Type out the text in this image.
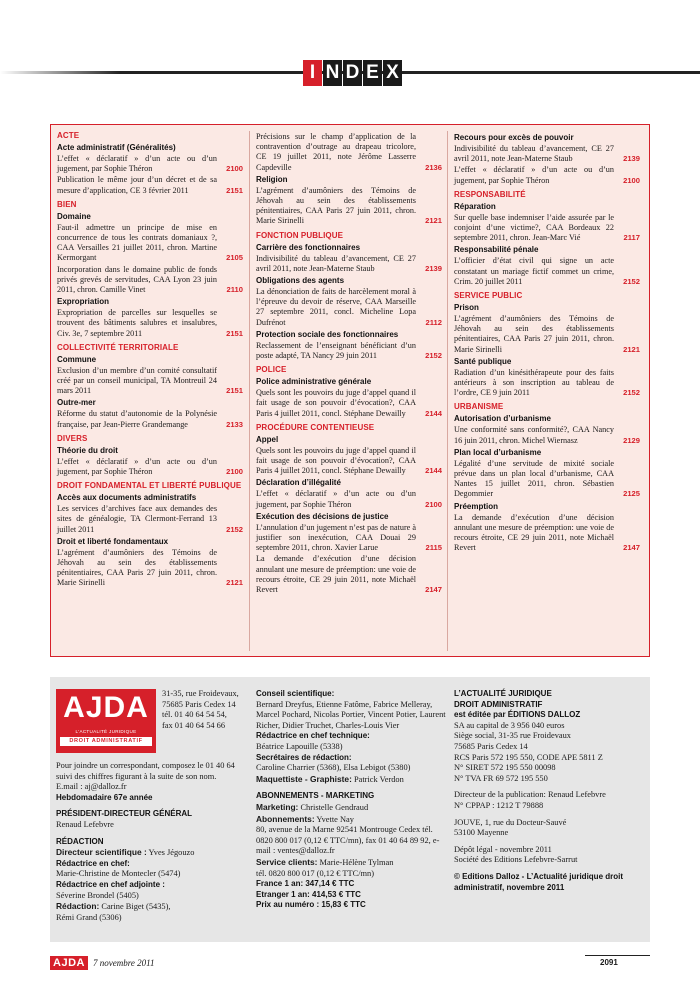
I N D E X
ACTE
Acte administratif (Généralités)
L’effet « déclaratif » d’un acte ou d’un jugement, par Sophie Théron	2100
Publication le même jour d’un décret et de sa mesure d’application, CE 3 février 2011	2151
BIEN
Domaine
Faut-il admettre un principe de mise en concurrence de tous les contrats domaniaux ?, CAA Versailles 21 juillet 2011, chron. Martine Kermorgant	2105
Incorporation dans le domaine public de fonds privés grevés de servitudes, CAA Lyon 23 juin 2011, chron. Camille Vinet	2110
Expropriation
Expropriation de parcelles sur lesquelles se trouvent des bâtiments salubres et insalubres, Civ. 3e, 7 septembre 2011	2151
COLLECTIVITÉ TERRITORIALE
Commune
Exclusion d’un membre d’un comité consultatif créé par un conseil municipal, TA Montreuil 24 mars 2011	2151
Outre-mer
Réforme du statut d’autonomie de la Polynésie française, par Jean-Pierre Grandemange	2133
DIVERS
Théorie du droit
L’effet « déclaratif » d’un acte ou d’un jugement, par Sophie Théron	2100
DROIT FONDAMENTAL ET LIBERTÉ PUBLIQUE
Accès aux documents administratifs
Les services d’archives face aux demandes des sites de généalogie, TA Clermont-Ferrand 13 juillet 2011	2152
Droit et liberté fondamentaux
L’agrément d’aumôniers des Témoins de Jéhovah au sein des établissements pénitentiaires, CAA Paris 27 juin 2011, chron. Marie Sirinelli	2121
Précisions sur le champ d’application de la contravention d’outrage au drapeau tricolore, CE 19 juillet 2011, note Jérôme Lasserre Capdeville	2136
Religion
L’agrément d’aumôniers des Témoins de Jéhovah au sein des établissements pénitentiaires, CAA Paris 27 juin 2011, chron. Marie Sirinelli	2121
FONCTION PUBLIQUE
Carrière des fonctionnaires
Indivisibilité du tableau d’avancement, CE 27 avril 2011, note Jean-Materne Staub	2139
Obligations des agents
La dénonciation de faits de harcèlement moral à l’épreuve du devoir de réserve, CAA Marseille 27 septembre 2011, concl. Micheline Lopa Dufrénot	2112
Protection sociale des fonctionnaires
Reclassement de l’enseignant bénéficiant d’un poste adapté, TA Nancy 29 juin 2011	2152
POLICE
Police administrative générale
Quels sont les pouvoirs du juge d’appel quand il fait usage de son pouvoir d’évocation?, CAA Paris 4 juillet 2011, concl. Stéphane Dewailly	2144
PROCÉDURE CONTENTIEUSE
Appel
Quels sont les pouvoirs du juge d’appel quand il fait usage de son pouvoir d’évocation?, CAA Paris 4 juillet 2011, concl. Stéphane Dewailly	2144
Déclaration d’illégalité
L’effet « déclaratif » d’un acte ou d’un jugement, par Sophie Théron	2100
Exécution des décisions de justice
L’annulation d’un jugement n’est pas de nature à justifier son inexécution, CAA Douai 29 septembre 2011, chron. Xavier Larue	2115
La demande d’exécution d’une décision annulant une mesure de préemption: une voie de recours étroite, CE 29 juin 2011, note Michaël Revert	2147
Recours pour excès de pouvoir
Indivisibilité du tableau d’avancement, CE 27 avril 2011, note Jean-Materne Staub	2139
L’effet « déclaratif » d’un acte ou d’un jugement, par Sophie Théron	2100
RESPONSABILITÉ
Réparation
Sur quelle base indemniser l’aide assurée par le conjoint d’une victime?, CAA Bordeaux 22 septembre 2011, chron. Jean-Marc Vié	2117
Responsabilité pénale
L’officier d’état civil qui signe un acte constatant un mariage fictif commet un crime, Crim. 20 juillet 2011	2152
SERVICE PUBLIC
Prison
L’agrément d’aumôniers des Témoins de Jéhovah au sein des établissements pénitentiaires, CAA Paris 27 juin 2011, chron. Marie Sirinelli	2121
Santé publique
Radiation d’un kinésithérapeute pour des faits antérieurs à son inscription au tableau de l’ordre, CE 9 juin 2011	2152
URBANISME
Autorisation d’urbanisme
Une conformité sans conformité?, CAA Nancy 16 juin 2011, chron. Michel Wiernasz	2129
Plan local d’urbanisme
Légalité d’une servitude de mixité sociale prévue dans un plan local d’urbanisme, CAA Nantes 15 juillet 2011, chron. Sébastien Degommier	2125
Préemption
La demande d’exécution d’une décision annulant une mesure de préemption: une voie de recours étroite, CE 29 juin 2011, note Michaël Revert	2147
AJDA
L’ACTUALITÉ JURIDIQUE
DROIT ADMINISTRATIF
31-35, rue Froidevaux,
75685 Paris Cedex 14
tél. 01 40 64 54 54,
fax 01 40 64 54 66
Pour joindre un correspondant, composez le 01 40 64 suivi des chiffres figurant à la suite de son nom.
E.mail : aj@dalloz.fr
Hebdomadaire 67e année
PRÉSIDENT-DIRECTEUR GÉNÉRAL
Renaud Lefebvre
RÉDACTION
Directeur scientifique : Yves Jégouzo
Rédactrice en chef:
Marie-Christine de Montecler (5474)
Rédactrice en chef adjointe :
Séverine Brondel (5405)
Rédaction: Carine Biget (5435),
Rémi Grand (5306)
Conseil scientifique:
Bernard Dreyfus, Etienne Fatôme, Fabrice Melleray, Marcel Pochard, Nicolas Portier, Vincent Potier, Laurent Richer, Didier Truchet, Charles-Louis Vier
Rédactrice en chef technique:
Béatrice Lapouille (5338)
Secrétaires de rédaction:
Caroline Charrier (5368), Elsa Lebigot (5380)
Maquettiste - Graphiste: Patrick Verdon
ABONNEMENTS - MARKETING
Marketing: Christelle Gendraud
Abonnements: Yvette Nay
80, avenue de la Marne 92541 Montrouge Cedex tél. 0820 800 017 (0,12 € TTC/mn), fax 01 40 64 89 92, e-mail : ventes@dalloz.fr
Service clients: Marie-Hélène Tylman
tél. 0820 800 017 (0,12 € TTC/mn)
France 1 an: 347,14 € TTC
Etranger 1 an: 414,53 € TTC
Prix au numéro : 15,83 € TTC
L’ACTUALITÉ JURIDIQUE
DROIT ADMINISTRATIF
est éditée par ÉDITIONS DALLOZ
SA au capital de 3 956 040 euros
Siège social, 31-35 rue Froidevaux
75685 Paris Cedex 14
RCS Paris 572 195 550, CODE APE 5811 Z
N° SIRET 572 195 550 00098
N° TVA FR 69 572 195 550
Directeur de la publication: Renaud Lefebvre
N° CPPAP : 1212 T 79888
JOUVE, 1, rue du Docteur-Sauvé
53100 Mayenne
Dépôt légal - novembre 2011
Société des Editions Lefebvre-Sarrut
© Editions Dalloz - L’Actualité juridique droit administratif, novembre 2011
AJDA 7 novembre 2011	2091
